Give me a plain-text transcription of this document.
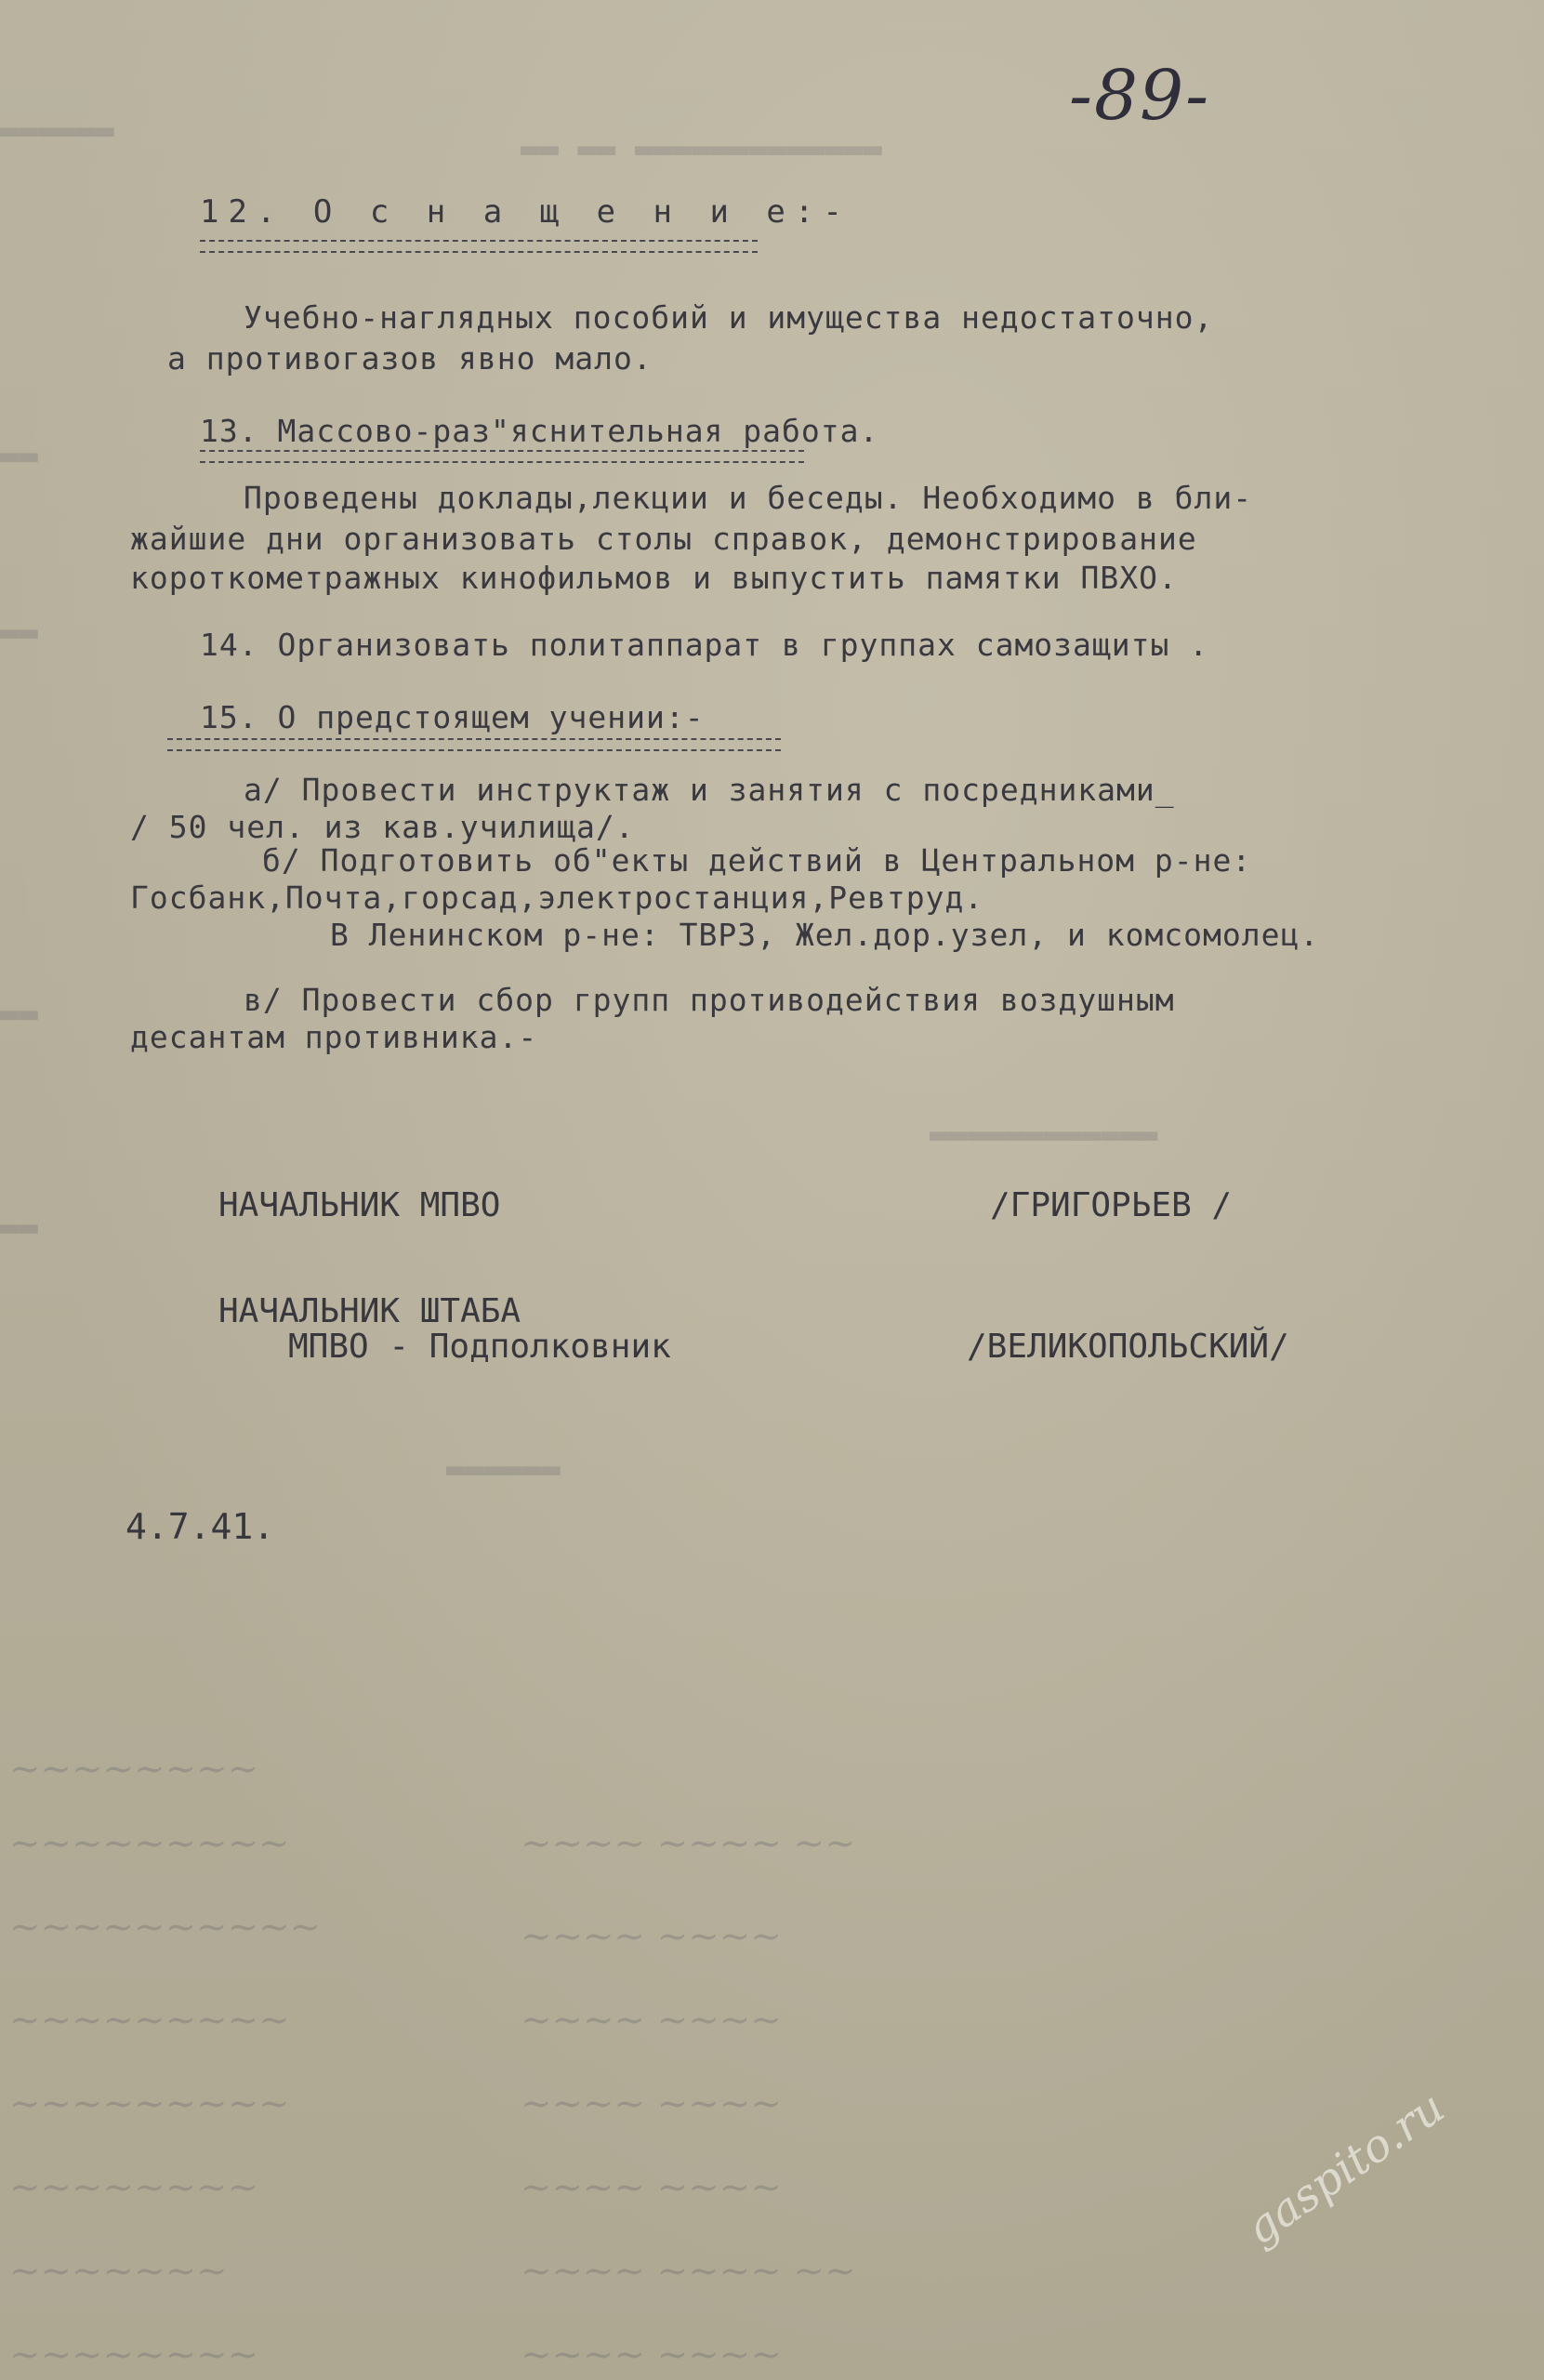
▬▬▬▬▬▬
▬▬
▬▬
▬▬
▬▬
▬▬ ▬▬ ▬▬▬▬▬▬▬▬▬▬▬▬▬
▬▬▬▬▬▬▬▬▬▬▬▬
▬▬▬▬▬▬
~~~~~~~~
~~~~~~~~~
~~~~~~~~~~
~~~~~~~~~
~~~~~~~~~
~~~~~~~~
~~~~~~~
~~~~~~~~
~~~~ ~~~~ ~~
~~~~ ~~~~
~~~~ ~~~~
~~~~ ~~~~
~~~~ ~~~~
~~~~ ~~~~ ~~
~~~~ ~~~~
-89-
12. О с н а щ е н и е:-
Учебно-наглядных пособий и имущества недостаточно,
а противогазов явно мало.
13. Массово-раз"яснительная работа.
Проведены доклады,лекции и беседы. Необходимо в бли-
жайшие дни организовать столы справок, демонстрирование
короткометражных кинофильмов и выпустить памятки ПВХО.
14. Организовать политаппарат в группах самозащиты .
15. О предстоящем учении:-
а/ Провести инструктаж и занятия с посредниками_
/ 50 чел. из кав.училища/.
б/ Подготовить об"екты действий в Центральном р-не:
Госбанк,Почта,горсад,электростанция,Ревтруд.
В Ленинском р-не: ТВРЗ, Жел.дор.узел, и комсомолец.
в/ Провести сбор групп противодействия воздушным
десантам противника.-
НАЧАЛЬНИК МПВО	/ГРИГОРЬЕВ /
НАЧАЛЬНИК ШТАБА
МПВО - Подполковник	/ВЕЛИКОПОЛЬСКИЙ/
4.7.41.
gaspito.ru
